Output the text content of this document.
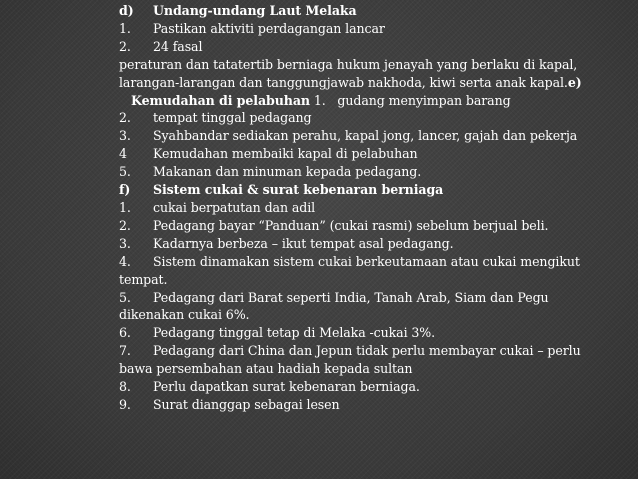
d) Undang-undang Laut Melaka
1. Pastikan aktiviti perdagangan lancar
2. 24 fasal
peraturan dan tatatertib berniaga hukum jenayah yang berlaku di kapal, larangan-larangan dan tanggungjawab nakhoda, kiwi serta anak kapal.e)Kemudahan di pelabuhan 1.   gudang menyimpan barang
2. tempat tinggal pedagang
3. Syahbandar sediakan perahu, kapal jong, lancer, gajah dan pekerja
4 Kemudahan membaiki kapal di pelabuhan
5. Makanan dan minuman kepada pedagang.
f) Sistem cukai & surat kebenaran berniaga
1. cukai berpatutan dan adil
2. Pedagang bayar “Panduan” (cukai rasmi) sebelum berjual beli.
3. Kadarnya berbeza – ikut tempat asal pedagang.
4. Sistem dinamakan sistem cukai berkeutamaan atau cukai mengikut tempat.
5. Pedagang dari Barat seperti India, Tanah Arab, Siam dan Pegu dikenakan cukai 6%.
6. Pedagang tinggal tetap di Melaka -cukai 3%.
7. Pedagang dari China dan Jepun tidak perlu membayar cukai – perlu bawa persembahan atau hadiah kepada sultan
8. Perlu dapatkan surat kebenaran berniaga.
9. Surat dianggap sebagai lesen
